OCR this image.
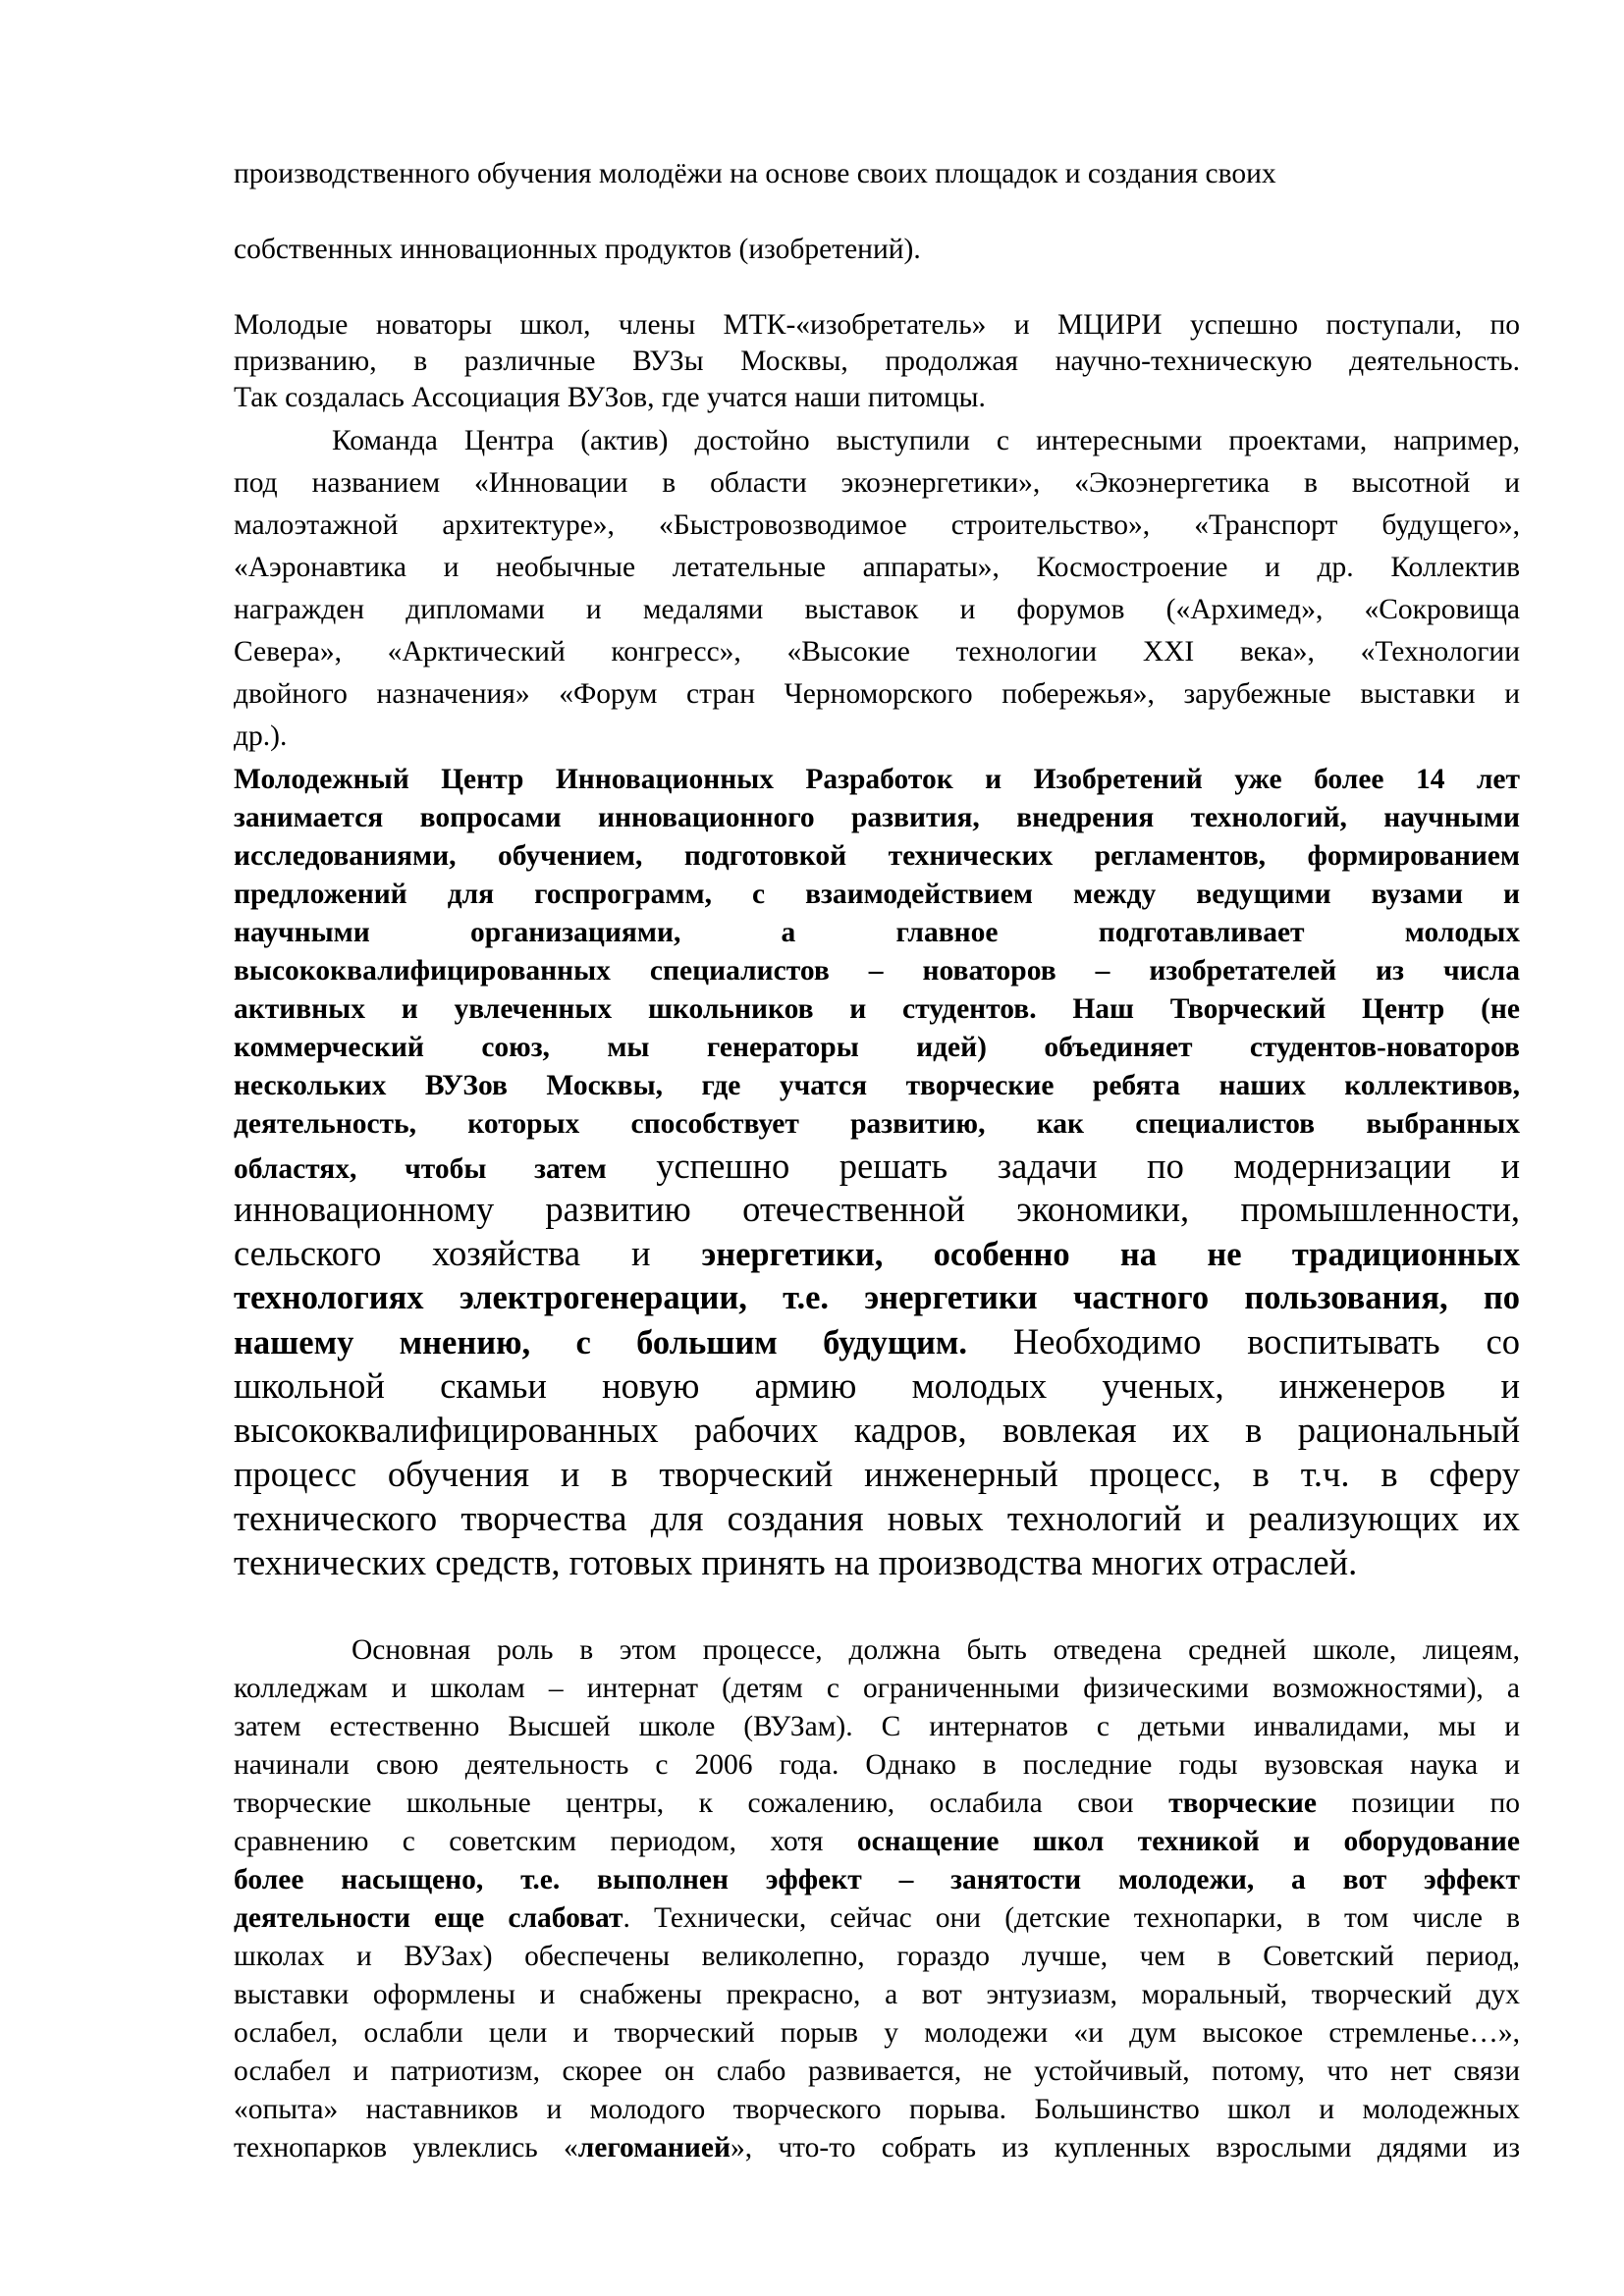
производственного обучения молодёжи на основе своих площадок и создания своих
собственных инновационных продуктов (изобретений).
Молодые новаторы школ, члены МТК-«изобретатель» и МЦИРИ успешно поступали, по
призванию, в различные ВУЗы Москвы, продолжая научно-техническую деятельность.
Так создалась Ассоциация ВУЗов, где учатся наши питомцы.
Команда Центра (актив) достойно выступили с интересными проектами, например,
под названием «Инновации в области экоэнергетики», «Экоэнергетика в высотной и
малоэтажной архитектуре», «Быстровозводимое строительство», «Транспорт будущего»,
«Аэронавтика и необычные летательные аппараты», Космостроение и др. Коллектив
награжден дипломами и медалями выставок и форумов («Архимед», «Сокровища
Севера», «Арктический конгресс», «Высокие технологии XXI века», «Технологии
двойного назначения» «Форум стран Черноморского побережья», зарубежные выставки и
др.).
Молодежный Центр Инновационных Разработок и Изобретений уже более 14 лет
занимается вопросами инновационного развития, внедрения технологий, научными
исследованиями, обучением, подготовкой технических регламентов, формированием
предложений для госпрограмм, с взаимодействием между ведущими вузами и
научными организациями, а главное подготавливает молодых
высококвалифицированных специалистов – новаторов – изобретателей из числа
активных и увлеченных школьников и студентов. Наш Творческий Центр (не
коммерческий союз, мы генераторы идей) объединяет студентов-новаторов
нескольких ВУЗов Москвы, где учатся творческие ребята наших коллективов,
деятельность, которых способствует развитию, как специалистов выбранных
областях, чтобы затем успешно решать задачи по модернизации и
инновационному развитию отечественной экономики, промышленности,
сельского хозяйства и энергетики, особенно на не традиционных
технологиях электрогенерации, т.е. энергетики частного пользования, по
нашему мнению, с большим будущим. Необходимо воспитывать со
школьной скамьи новую армию молодых ученых, инженеров и
высококвалифицированных рабочих кадров, вовлекая их в рациональный
процесс обучения и в творческий инженерный процесс, в т.ч. в сферу
технического творчества для создания новых технологий и реализующих их
технических средств, готовых принять на производства многих отраслей.
Основная роль в этом процессе, должна быть отведена средней школе, лицеям,
колледжам и школам – интернат (детям с ограниченными физическими возможностями), а
затем естественно Высшей школе (ВУЗам). С интернатов с детьми инвалидами, мы и
начинали свою деятельность с 2006 года. Однако в последние годы вузовская наука и
творческие школьные центры, к сожалению, ослабила свои творческие позиции по
сравнению с советским периодом, хотя оснащение школ техникой и оборудование
более насыщено, т.е. выполнен эффект – занятости молодежи, а вот эффект
деятельности еще слабоват. Технически, сейчас они (детские технопарки, в том числе в
школах и ВУЗах) обеспечены великолепно, гораздо лучше, чем в Советский период,
выставки оформлены и снабжены прекрасно, а вот энтузиазм, моральный, творческий дух
ослабел, ослабли цели и творческий порыв у молодежи «и дум высокое стремленье…»,
ослабел и патриотизм, скорее он слабо развивается, не устойчивый, потому, что нет связи
«опыта» наставников и молодого творческого порыва. Большинство школ и молодежных
технопарков увлеклись «легоманией», что-то собрать из купленных взрослыми дядями из
